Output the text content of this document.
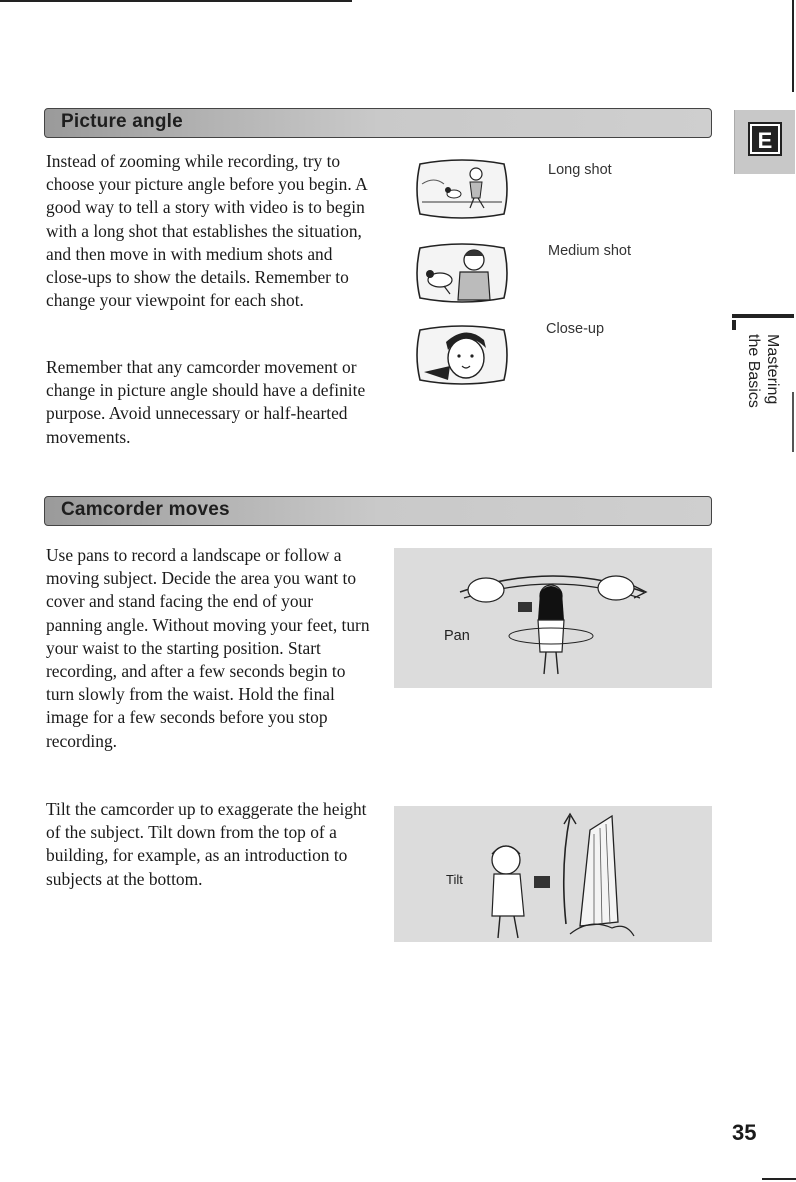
Picture angle

Instead of zooming while recording, try to choose your picture angle before you begin. A good way to tell a story with video is to begin with a long shot that establishes the situation, and then move in with medium shots and close-ups to show the details. Remember to change your viewpoint for each shot.

Remember that any camcorder movement or change in picture angle should have a definite purpose. Avoid unnecessary or half-hearted movements.

Long shot
Medium shot
Close-up
Camcorder moves

Use pans to record a landscape or follow a moving subject. Decide the area you want to cover and stand facing the end of your panning angle. Without moving your feet, turn your waist to the starting position. Start recording, and after a few seconds begin to turn slowly from the waist. Hold the final image for a few seconds before you stop recording.

Tilt the camcorder up to exaggerate the height of the subject. Tilt down from the top of a building, for example, as an introduction to subjects at the bottom.

Pan
Tilt
E
Mastering the Basics
35
